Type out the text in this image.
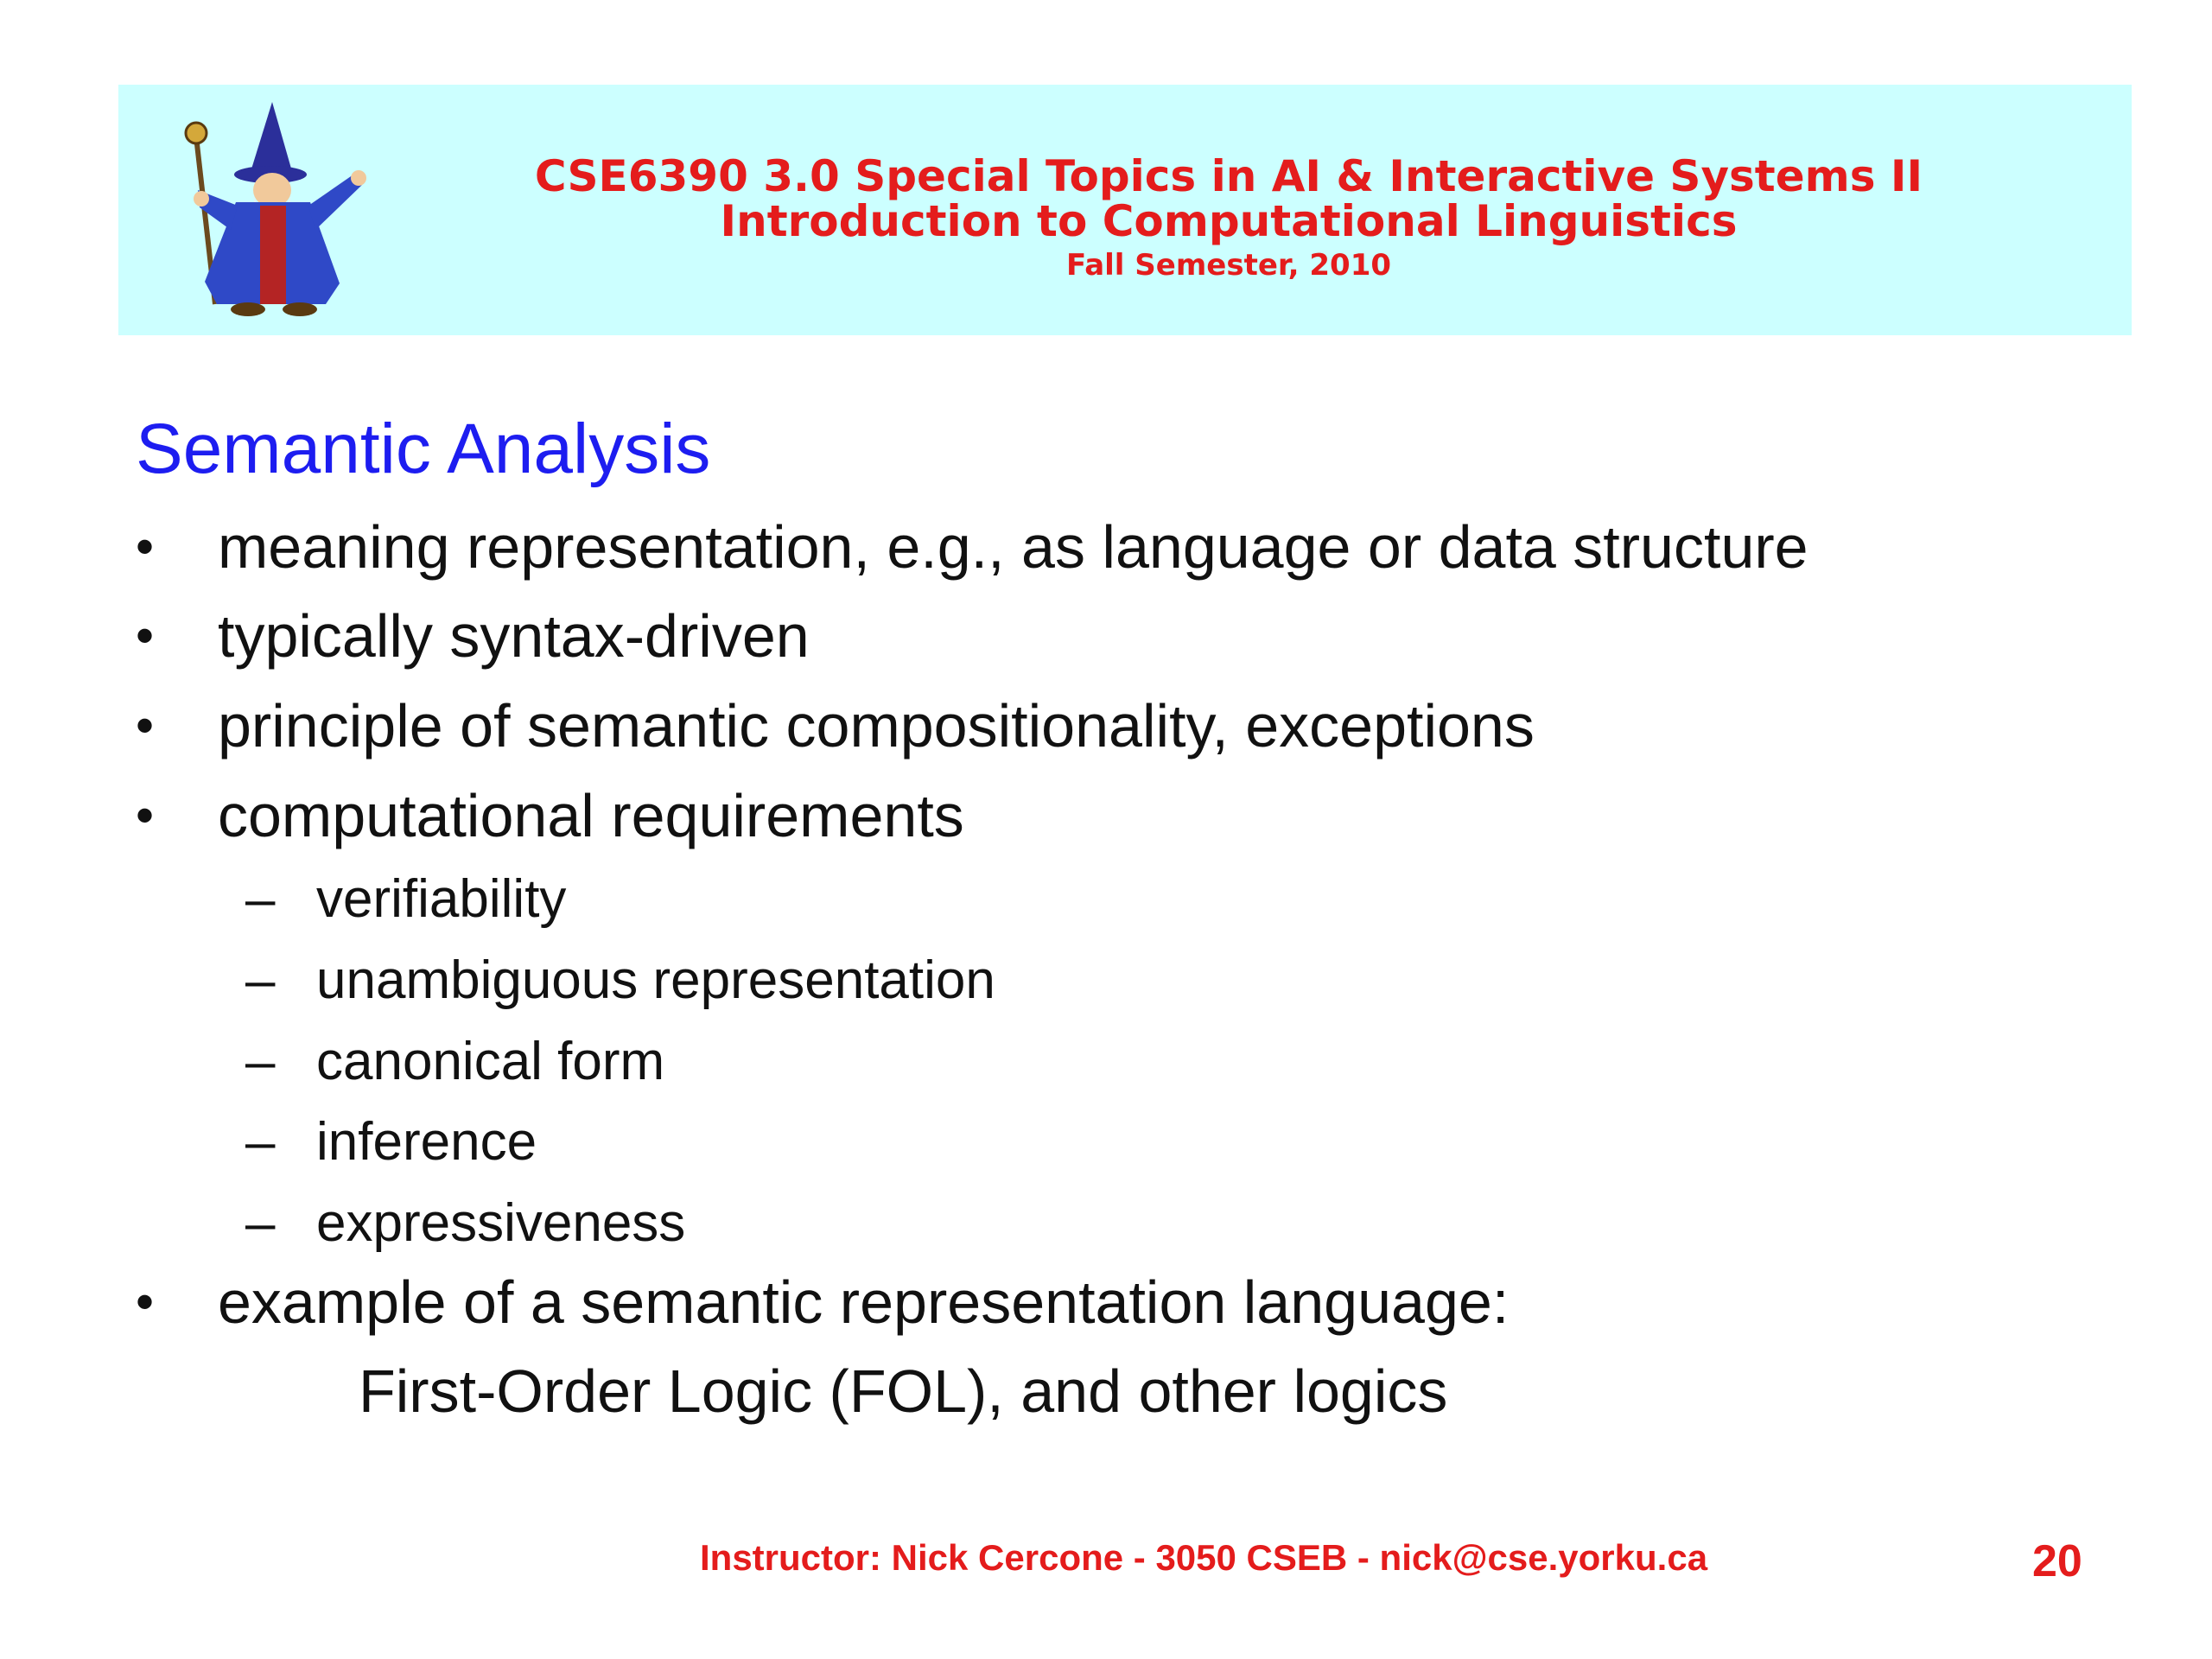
CSE6390 3.0 Special Topics in AI & Interactive Systems II
Introduction to Computational Linguistics
Fall Semester, 2010
Semantic Analysis
• meaning representation, e.g., as language or data structure
• typically syntax-driven
• principle of semantic compositionality, exceptions
• computational requirements
– verifiability
– unambiguous representation
– canonical form
– inference
– expressiveness
• example of a semantic representation language:
First-Order Logic (FOL), and other logics
Instructor: Nick Cercone - 3050 CSEB - nick@cse.yorku.ca	20
